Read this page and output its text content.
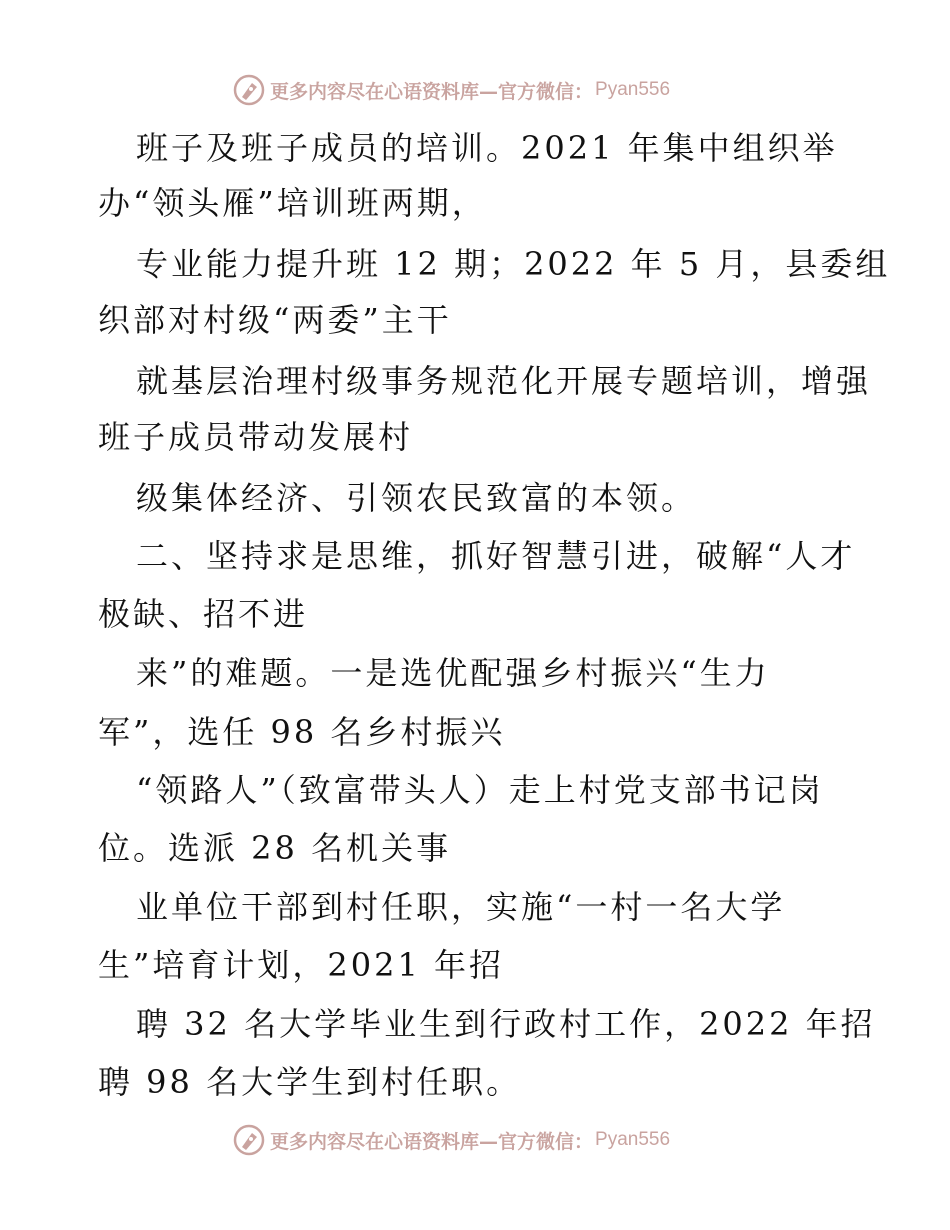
更多内容尽在心语资料库—官方微信： Pyan556
班子及班子成员的培训。2021 年集中组织举
办“领头雁”培训班两期，
专业能力提升班 12 期；2022 年 5 月，县委组
织部对村级“两委”主干
就基层治理村级事务规范化开展专题培训，增强
班子成员带动发展村
级集体经济、引领农民致富的本领。
二、坚持求是思维，抓好智慧引进，破解“人才
极缺、招不进
来”的难题。一是选优配强乡村振兴“生力
军”，选任 98 名乡村振兴
“领路人”（致富带头人）走上村党支部书记岗
位。选派 28 名机关事
业单位干部到村任职，实施“一村一名大学
生”培育计划，2021 年招
聘 32 名大学毕业生到行政村工作，2022 年招
聘 98 名大学生到村任职。
更多内容尽在心语资料库—官方微信： Pyan556
